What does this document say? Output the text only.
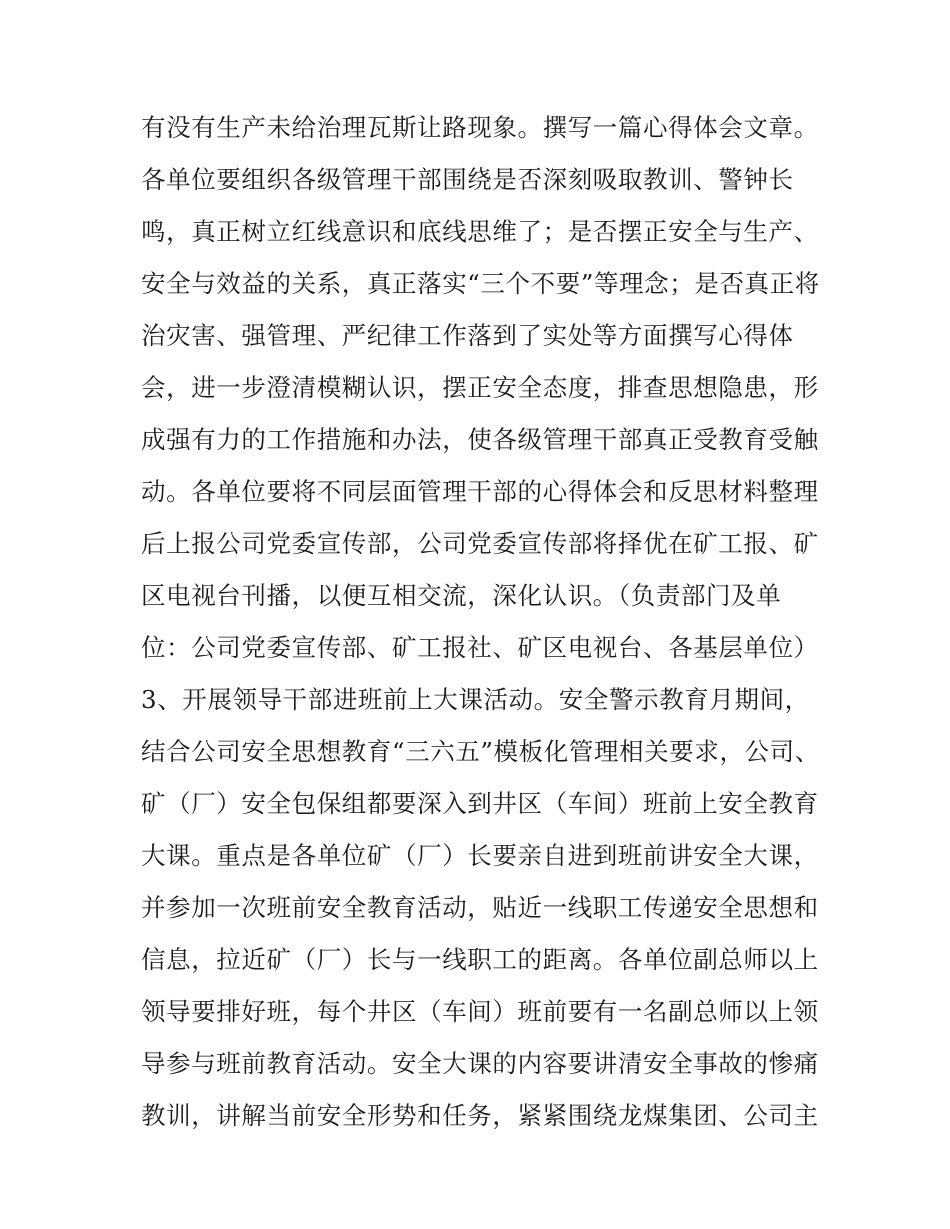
有没有生产未给治理瓦斯让路现象。撰写一篇心得体会文章。
各单位要组织各级管理干部围绕是否深刻吸取教训、警钟长
鸣，真正树立红线意识和底线思维了；是否摆正安全与生产、
安全与效益的关系，真正落实“三个不要”等理念；是否真正将
治灾害、强管理、严纪律工作落到了实处等方面撰写心得体
会，进一步澄清模糊认识，摆正安全态度，排查思想隐患，形
成强有力的工作措施和办法，使各级管理干部真正受教育受触
动。各单位要将不同层面管理干部的心得体会和反思材料整理
后上报公司党委宣传部，公司党委宣传部将择优在矿工报、矿
区电视台刊播，以便互相交流，深化认识。（负责部门及单
位：公司党委宣传部、矿工报社、矿区电视台、各基层单位）
3、开展领导干部进班前上大课活动。安全警示教育月期间，
结合公司安全思想教育“三六五”模板化管理相关要求，公司、
矿（厂）安全包保组都要深入到井区（车间）班前上安全教育
大课。重点是各单位矿（厂）长要亲自进到班前讲安全大课，
并参加一次班前安全教育活动，贴近一线职工传递安全思想和
信息，拉近矿（厂）长与一线职工的距离。各单位副总师以上
领导要排好班，每个井区（车间）班前要有一名副总师以上领
导参与班前教育活动。安全大课的内容要讲清安全事故的惨痛
教训，讲解当前安全形势和任务，紧紧围绕龙煤集团、公司主
